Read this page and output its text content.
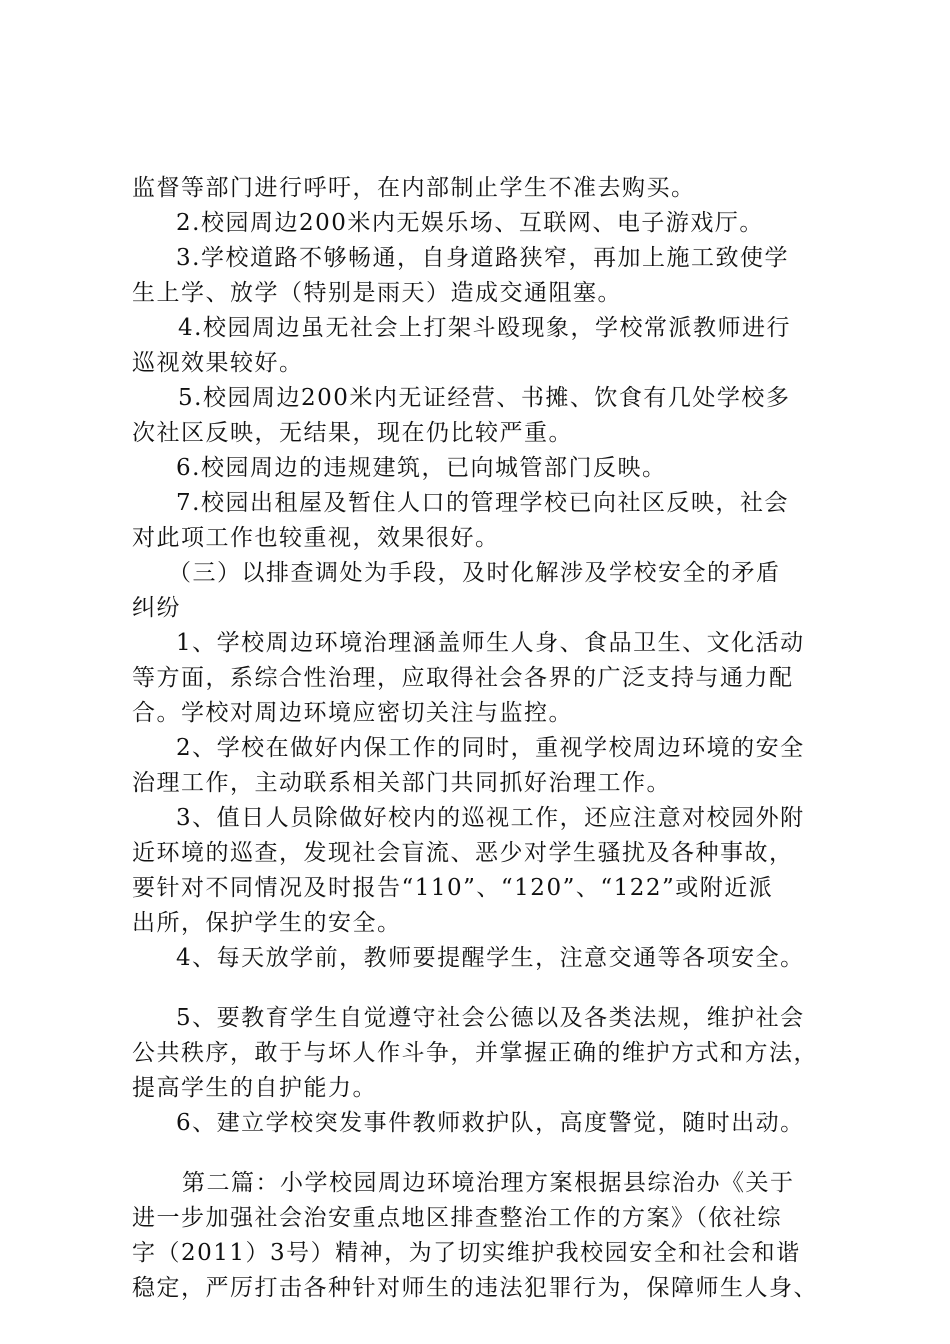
监督等部门进行呼吁，在内部制止学生不准去购买。
2.校园周边200米内无娱乐场、互联网、电子游戏厅。
3.学校道路不够畅通，自身道路狭窄，再加上施工致使学
生上学、放学（特别是雨天）造成交通阻塞。
4.校园周边虽无社会上打架斗殴现象，学校常派教师进行
巡视效果较好。
5.校园周边200米内无证经营、书摊、饮食有几处学校多
次社区反映，无结果，现在仍比较严重。
6.校园周边的违规建筑，已向城管部门反映。
7.校园出租屋及暂住人口的管理学校已向社区反映，社会
对此项工作也较重视，效果很好。
（三）以排查调处为手段，及时化解涉及学校安全的矛盾
纠纷
1、学校周边环境治理涵盖师生人身、食品卫生、文化活动
等方面，系综合性治理，应取得社会各界的广泛支持与通力配
合。学校对周边环境应密切关注与监控。
2、学校在做好内保工作的同时，重视学校周边环境的安全
治理工作，主动联系相关部门共同抓好治理工作。
3、值日人员除做好校内的巡视工作，还应注意对校园外附
近环境的巡查，发现社会盲流、恶少对学生骚扰及各种事故，
要针对不同情况及时报告“110”、“120”、“122”或附近派
出所，保护学生的安全。
4、每天放学前，教师要提醒学生，注意交通等各项安全。
5、要教育学生自觉遵守社会公德以及各类法规，维护社会
公共秩序，敢于与坏人作斗争，并掌握正确的维护方式和方法，
提高学生的自护能力。
6、建立学校突发事件教师救护队，高度警觉，随时出动。
第二篇：小学校园周边环境治理方案根据县综治办《关于
进一步加强社会治安重点地区排查整治工作的方案》（依社综
字（2011）3号）精神，为了切实维护我校园安全和社会和谐
稳定，严厉打击各种针对师生的违法犯罪行为，保障师生人身、
